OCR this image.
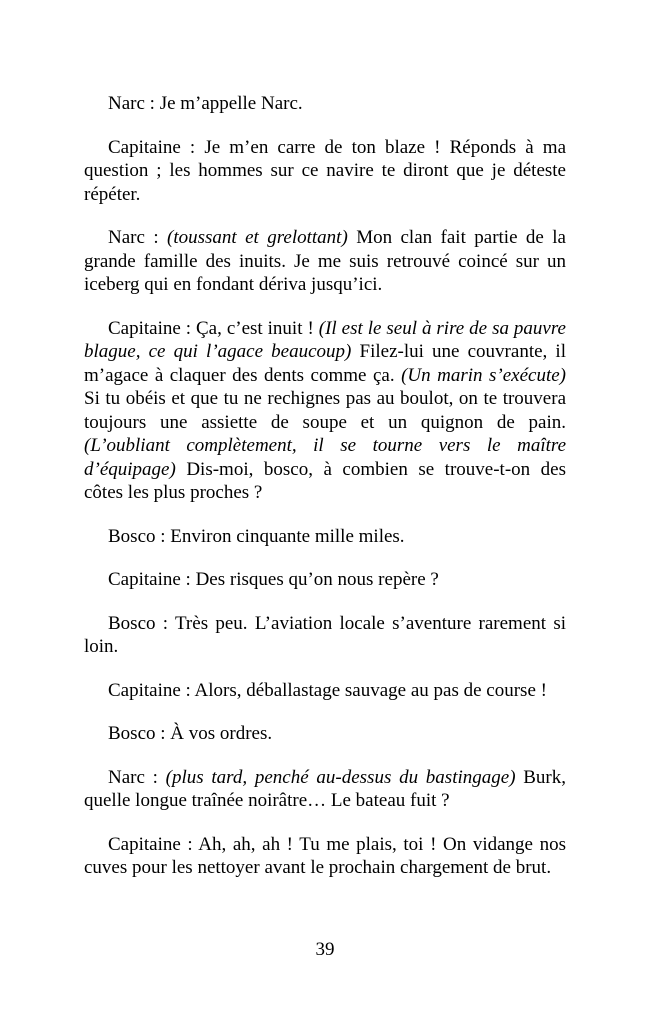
Narc : Je m’appelle Narc.

Capitaine : Je m’en carre de ton blaze ! Réponds à ma question ; les hommes sur ce navire te diront que je déteste répéter.

Narc : (toussant et grelottant) Mon clan fait partie de la grande famille des inuits. Je me suis retrouvé coincé sur un iceberg qui en fondant dériva jusqu’ici.

Capitaine : Ça, c’est inuit ! (Il est le seul à rire de sa pauvre blague, ce qui l’agace beaucoup) Filez-lui une couvrante, il m’agace à claquer des dents comme ça. (Un marin s’exécute) Si tu obéis et que tu ne rechignes pas au boulot, on te trouvera toujours une assiette de soupe et un quignon de pain. (L’oubliant complètement, il se tourne vers le maître d’équipage) Dis-moi, bosco, à combien se trouve-t-on des côtes les plus proches ?

Bosco : Environ cinquante mille miles.

Capitaine : Des risques qu’on nous repère ?

Bosco : Très peu. L’aviation locale s’aventure rarement si loin.

Capitaine : Alors, déballastage sauvage au pas de course !

Bosco : À vos ordres.

Narc : (plus tard, penché au-dessus du bastingage) Burk, quelle longue traînée noirâtre… Le bateau fuit ?

Capitaine : Ah, ah, ah ! Tu me plais, toi ! On vidange nos cuves pour les nettoyer avant le prochain chargement de brut.

39
